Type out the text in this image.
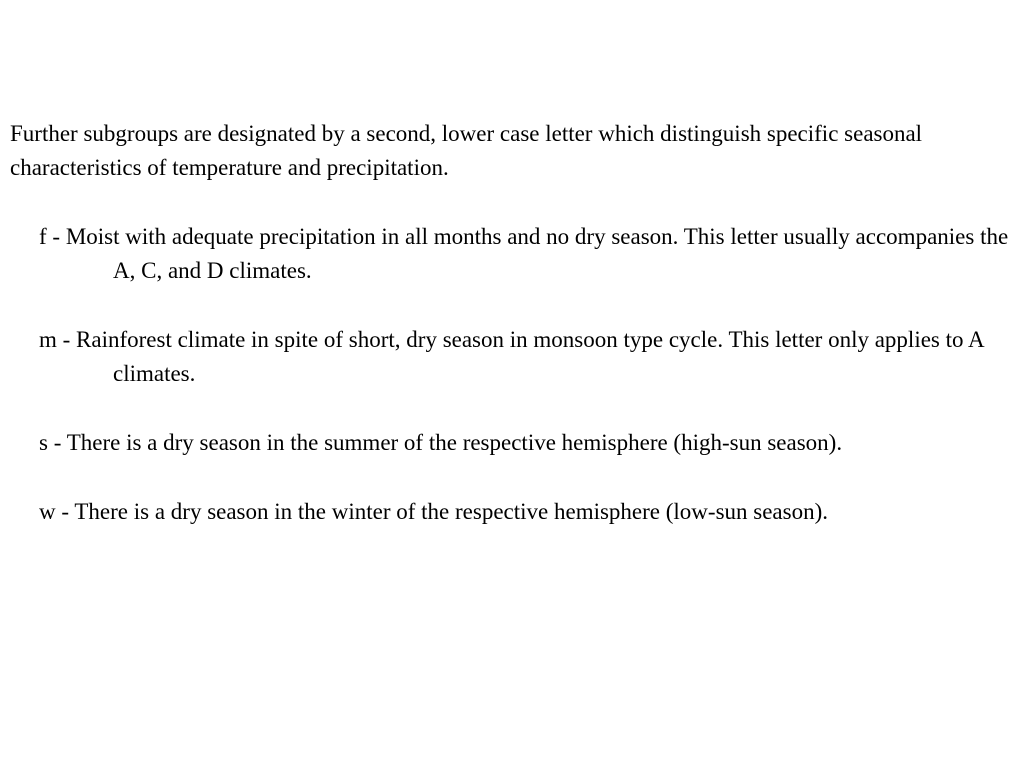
Further subgroups are designated by a second, lower case letter which distinguish specific seasonal characteristics of temperature and precipitation.

f - Moist with adequate precipitation in all months and no dry season. This letter usually accompanies the A, C, and D climates.
m - Rainforest climate in spite of short, dry season in monsoon type cycle. This letter only applies to A climates.
s - There is a dry season in the summer of the respective hemisphere (high-sun season).
w - There is a dry season in the winter of the respective hemisphere (low-sun season).
